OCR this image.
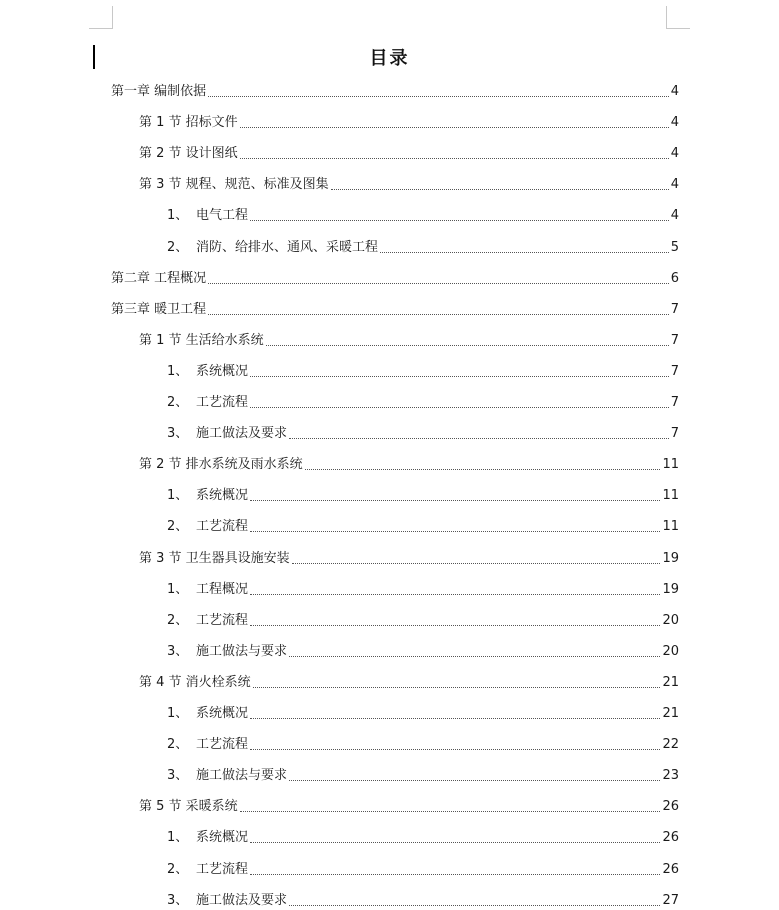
目录
第一章 编制依据	4
第 1 节 招标文件	4
第 2 节 设计图纸	4
第 3 节 规程、规范、标准及图集	4
1、 电气工程	4
2、 消防、给排水、通风、采暖工程	5
第二章 工程概况	6
第三章 暖卫工程	7
第 1 节 生活给水系统	7
1、 系统概况	7
2、 工艺流程	7
3、 施工做法及要求	7
第 2 节 排水系统及雨水系统	11
1、 系统概况	11
2、 工艺流程	11
第 3 节 卫生器具设施安装	19
1、 工程概况	19
2、 工艺流程	20
3、 施工做法与要求	20
第 4 节 消火栓系统	21
1、 系统概况	21
2、 工艺流程	22
3、 施工做法与要求	23
第 5 节 采暖系统	26
1、 系统概况	26
2、 工艺流程	26
3、 施工做法及要求	27
